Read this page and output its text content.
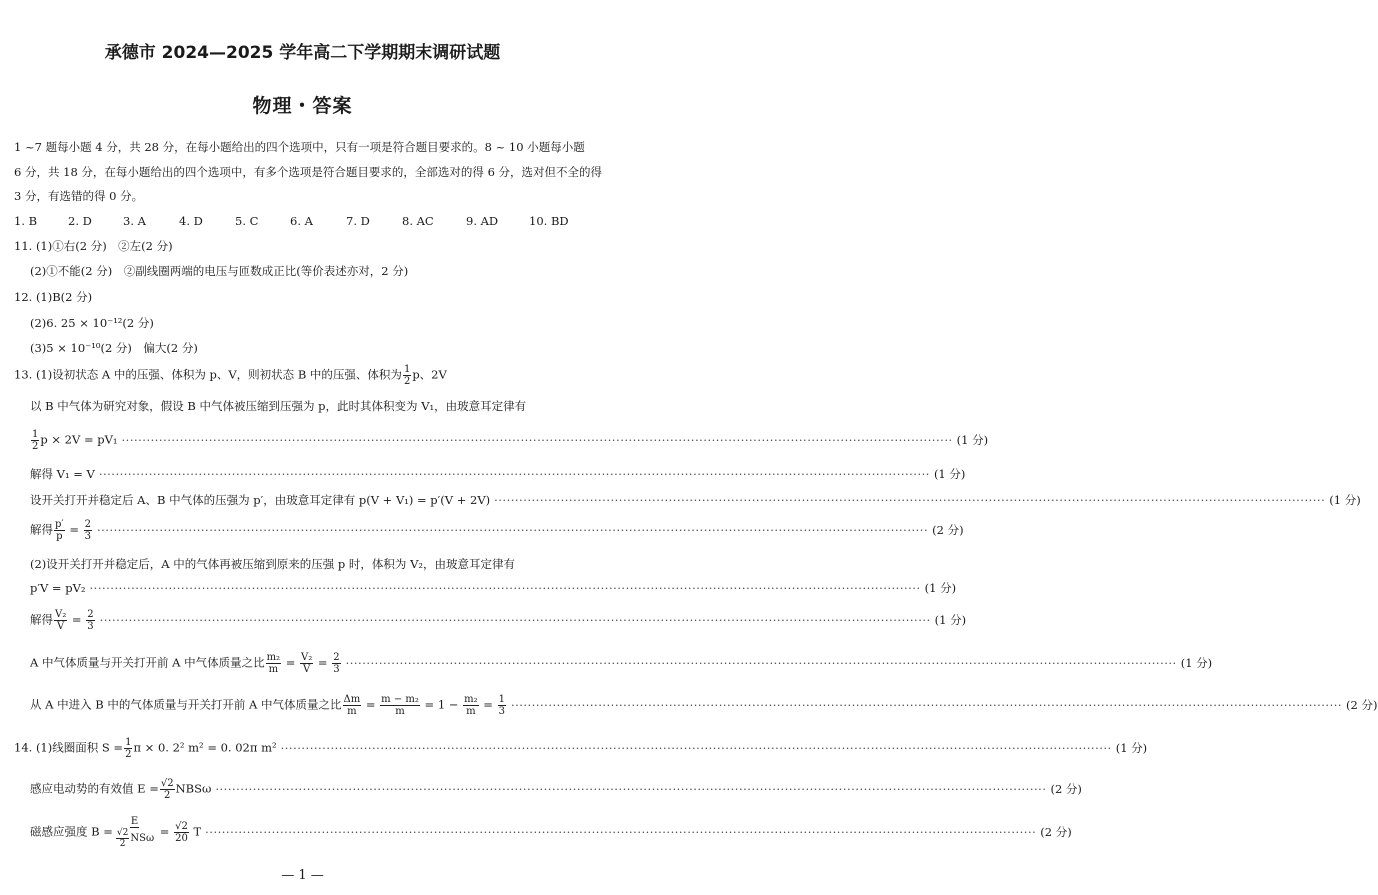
承德市 2024—2025 学年高二下学期期末调研试题
物理・答案
1 ~7 题每小题 4 分，共 28 分，在每小题给出的四个选项中，只有一项是符合题目要求的。8 ~ 10 小题每小题
6 分，共 18 分，在每小题给出的四个选项中，有多个选项是符合题目要求的，全部选对的得 6 分，选对但不全的得
3 分，有选错的得 0 分。
1. B	2. D	3. A	4. D	5. C	6. A	7. D	8. AC	9. AD	10. BD
11. (1)①右(2 分)　②左(2 分)
(2)①不能(2 分)　②副线圈两端的电压与匝数成正比(等价表述亦对，2 分)
12. (1)B(2 分)
(2)6. 25 × 10⁻¹²(2 分)
(3)5 × 10⁻¹⁰(2 分)　偏大(2 分)
13. (1)设初状态 A 中的压强、体积为 p、V，则初状态 B 中的压强、体积为 $\frac{1}{2}$ p、2V
以 B 中气体为研究对象，假设 B 中气体被压缩到压强为 p，此时其体积变为 V₁，由玻意耳定律有
$\frac{1}{2}$ p × 2V = pV₁ ········································································································································································································ (1 分)
解得 V₁ = V ········································································································································································································ (1 分)
设开关打开并稳定后 A、B 中气体的压强为 p′，由玻意耳定律有 p(V + V₁) = p′(V + 2V) ········································································································································································································ (1 分)
解得 $\frac{p'}{p} = \frac{2}{3}$ ········································································································································································································ (2 分)
(2)设开关打开并稳定后，A 中的气体再被压缩到原来的压强 p 时，体积为 V₂，由玻意耳定律有
p′V = pV₂ ········································································································································································································ (1 分)
解得 $\frac{\text{V₂}}{V} = \frac{2}{3}$ ········································································································································································································ (1 分)
A 中气体质量与开关打开前 A 中气体质量之比 $\frac{\text{m₂}}{m} = \frac{\text{V₂}}{V} = \frac{2}{3}$ ········································································································································································································ (1 分)
从 A 中进入 B 中的气体质量与开关打开前 A 中气体质量之比 $\frac{\Delta m}{m} = \frac{\text{m − m₂}}{m} = 1 - \frac{\text{m₂}}{m} = \frac{1}{3}$ ········································································································································································································ (2 分)
14. (1)线圈面积 $S = \frac{1}{2}$ π × 0. 2² m² = 0. 02π m² ········································································································································································································ (1 分)
感应电动势的有效值 $E = \frac{√2}{2}$ NBSω ········································································································································································································ (2 分)
磁感应强度 $B = \frac{E}{\frac{√2}{2} NS\omega} = \frac{√2}{20}$ T ········································································································································································································ (2 分)
— 1 —
